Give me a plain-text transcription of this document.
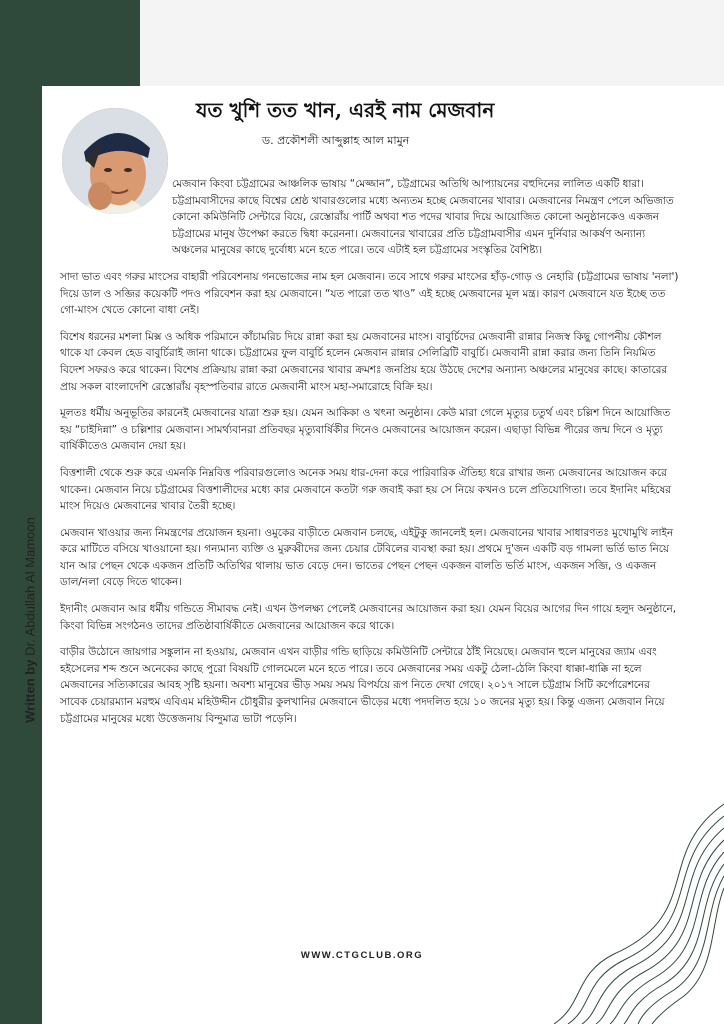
Written by Dr. Abdullah Al Mamoon
যত খুশি তত খান, এরই নাম মেজবান
ড. প্রকৌশলী আব্দুল্লাহ আল মামুন

মেজবান কিংবা চট্টগ্রামের আঞ্চলিক ভাষায় “মেজ্জান”, চট্টগ্রামের অতিথি আপ্যায়নের বহুদিনের লালিত একটি ধারা। চট্টগ্রামবাসীদের কাছে বিশ্বের শ্রেষ্ঠ খাবারগুলোর মধ্যে অন্যতম হচ্ছে মেজবানের খাবার। মেজবানের নিমন্ত্রণ পেলে অভিজাত কোনো কমিউনিটি সেন্টারে বিয়ে, রেস্তোরাঁয় পার্টি অথবা শত পদের খাবার দিয়ে আয়োজিত কোনো অনুষ্ঠানকেও একজন চট্টগ্রামের মানুষ উপেক্ষা করতে দ্বিধা করেননা। মেজবানের খাবারের প্রতি চট্টগ্রামবাসীর এমন দুর্নিবার আকর্ষণ অন্যান্য অঞ্চলের মানুষের কাছে দুর্বোধ্য মনে হতে পারে। তবে এটাই হল চট্টগ্রামের সংস্কৃতির বৈশিষ্ট্য।

সাদা ভাত এবং গরুর মাংসের বাহারী পরিবেশনায় গনভোজের নাম হল মেজবান। তবে সাথে গরুর মাংসের হাঁড়-গোড় ও নেহারি (চট্টগ্রামের ভাষায় 'নলা') দিয়ে ডাল ও সব্জির কয়েকটি পদও পরিবেশন করা হয় মেজবানে। “যত পারো তত খাও” এই হচ্ছে মেজবানের মূল মন্ত্র। কারণ মেজবানে যত ইচ্ছে তত গো-মাংস খেতে কোনো বাধা নেই।

বিশেষ ধরনের মশলা মিক্স ও অধিক পরিমানে কাঁচামরিচ দিয়ে রান্না করা হয় মেজবানের মাংস। বাবুর্চিদের মেজবানী রান্নার নিজস্ব কিছু গোপনীয় কৌশল থাকে যা কেবল হেড বাবুর্চিরাই জানা থাকে। চট্টগ্রামের ফুল বাবুর্চি হলেন মেজবান রান্নার সেলিব্রিটি বাবুর্চি। মেজবানী রান্না করার জন্য তিনি নিয়মিত বিদেশ সফরও করে থাকেন। বিশেষ প্রক্রিয়ায় রান্না করা মেজবানের খাবার ক্রমশঃ জনপ্রিয় হয়ে উঠছে দেশের অন্যান্য অঞ্চলের মানুষের কাছে। কাতারের প্রায় সকল বাংলাদেশি রেস্তোরাঁয় বৃহস্পতিবার রাতে মেজবানী মাংস মহা-সমারোহে বিক্রি হয়।

মূলতঃ ধর্মীয় অনুভূতির কারনেই মেজবানের যাত্রা শুরু হয়। যেমন আকিকা ও খৎনা অনুষ্ঠান। কেউ মারা গেলে মৃত্যুর চতুর্থ এবং চল্লিশ দিনে আয়োজিত হয় “চাইদিন্না” ও চল্লিশার মেজবান। সামর্থ্যবানরা প্রতিবছর মৃত্যুবার্ষিকীর দিনেও মেজবানের আয়োজন করেন। এছাড়া বিভিন্ন পীরের জন্ম দিনে ও মৃত্যু বার্ষিকীতেও মেজবান দেয়া হয়।

বিত্তশালী থেকে শুরু করে এমনকি নিম্নবিত্ত পরিবারগুলোও অনেক সময় ধার-দেনা করে পারিবারিক ঐতিহ্য ধরে রাখার জন্য মেজবানের আয়োজন করে থাকেন। মেজবান নিয়ে চট্টগ্রামের বিত্তশালীদের মধ্যে কার মেজবানে কতটা গরু জবাই করা হয় সে নিয়ে কখনও চলে প্রতিযোগিতা। তবে ইদানিং মহিষের মাংস দিয়েও মেজবানের খাবার তৈরী হচ্ছে।

মেজবান খাওয়ার জন্য নিমন্ত্রণের প্রয়োজন হয়না। ওমুকের বাড়ীতে মেজবান চলছে, এইটুকু জানলেই হল। মেজবানের খাবার সাধারণতঃ মুখোমুখি লাইন করে মাটিতে বসিয়ে খাওয়ানো হয়। গন্যমান্য ব্যক্তি ও মুরুব্বীদের জন্য চেয়ার টেবিলের ব্যবস্থা করা হয়। প্রথমে দু'জন একটি বড় গামলা ভর্তি ভাত নিয়ে যান আর পেছন থেকে একজন প্রতিটি অতিথির থালায় ভাত বেড়ে দেন। ভাতের পেছন পেছন একজন বালতি ভর্তি মাংস, একজন সব্জি, ও একজন ডাল/নলা বেড়ে দিতে থাকেন।

ইদানীং মেজবান আর ধর্মীয় গন্ডিতে সীমাবদ্ধ নেই। এখন উপলক্ষ্য পেলেই মেজবানের আয়োজন করা হয়। যেমন বিয়ের আগের দিন গায়ে হলুদ অনুষ্ঠানে, কিংবা বিভিন্ন সংগঠনও তাদের প্রতিষ্ঠাবার্ষিকীতে মেজবানের আয়োজন করে থাকে।

বাড়ীর উঠোনে জায়গার সঙ্কুলান না হওয়ায়, মেজবান এখন বাড়ীর গন্ডি ছাড়িয়ে কমিউনিটি সেন্টারে ঠাঁই নিয়েছে। মেজবান হুলে মানুষের জ্যাম এবং হইসেলের শব্দ শুনে অনেকের কাছে পুরো বিষয়টি গোলমেলে মনে হতে পারে। তবে মেজবানের সময় একটু ঠেলা-ঠেলি কিংবা ধাক্কা-ধাক্কি না হলে মেজবানের সত্যিকারের আবহ সৃষ্টি হয়না। অবশ্য মানুষের ভীড় সময় সময় বিপর্যয়ে রূপ নিতে দেখা গেছে। ২০১৭ সালে চট্টগ্রাম সিটি কর্পোরেশনের সাবেক চেয়ারম্যান মরহুম এবিএম মহিউদ্দীন চৌধুরীর কুলখানির মেজবানে ভীড়ের মধ্যে পদদলিত হয়ে ১০ জনের মৃত্যু হয়। কিন্তু এজন্য মেজবান নিয়ে চট্টগ্রামের মানুষের মধ্যে উত্তেজনায় বিন্দুমাত্র ভাটা পড়েনি।

WWW.CTGCLUB.ORG
